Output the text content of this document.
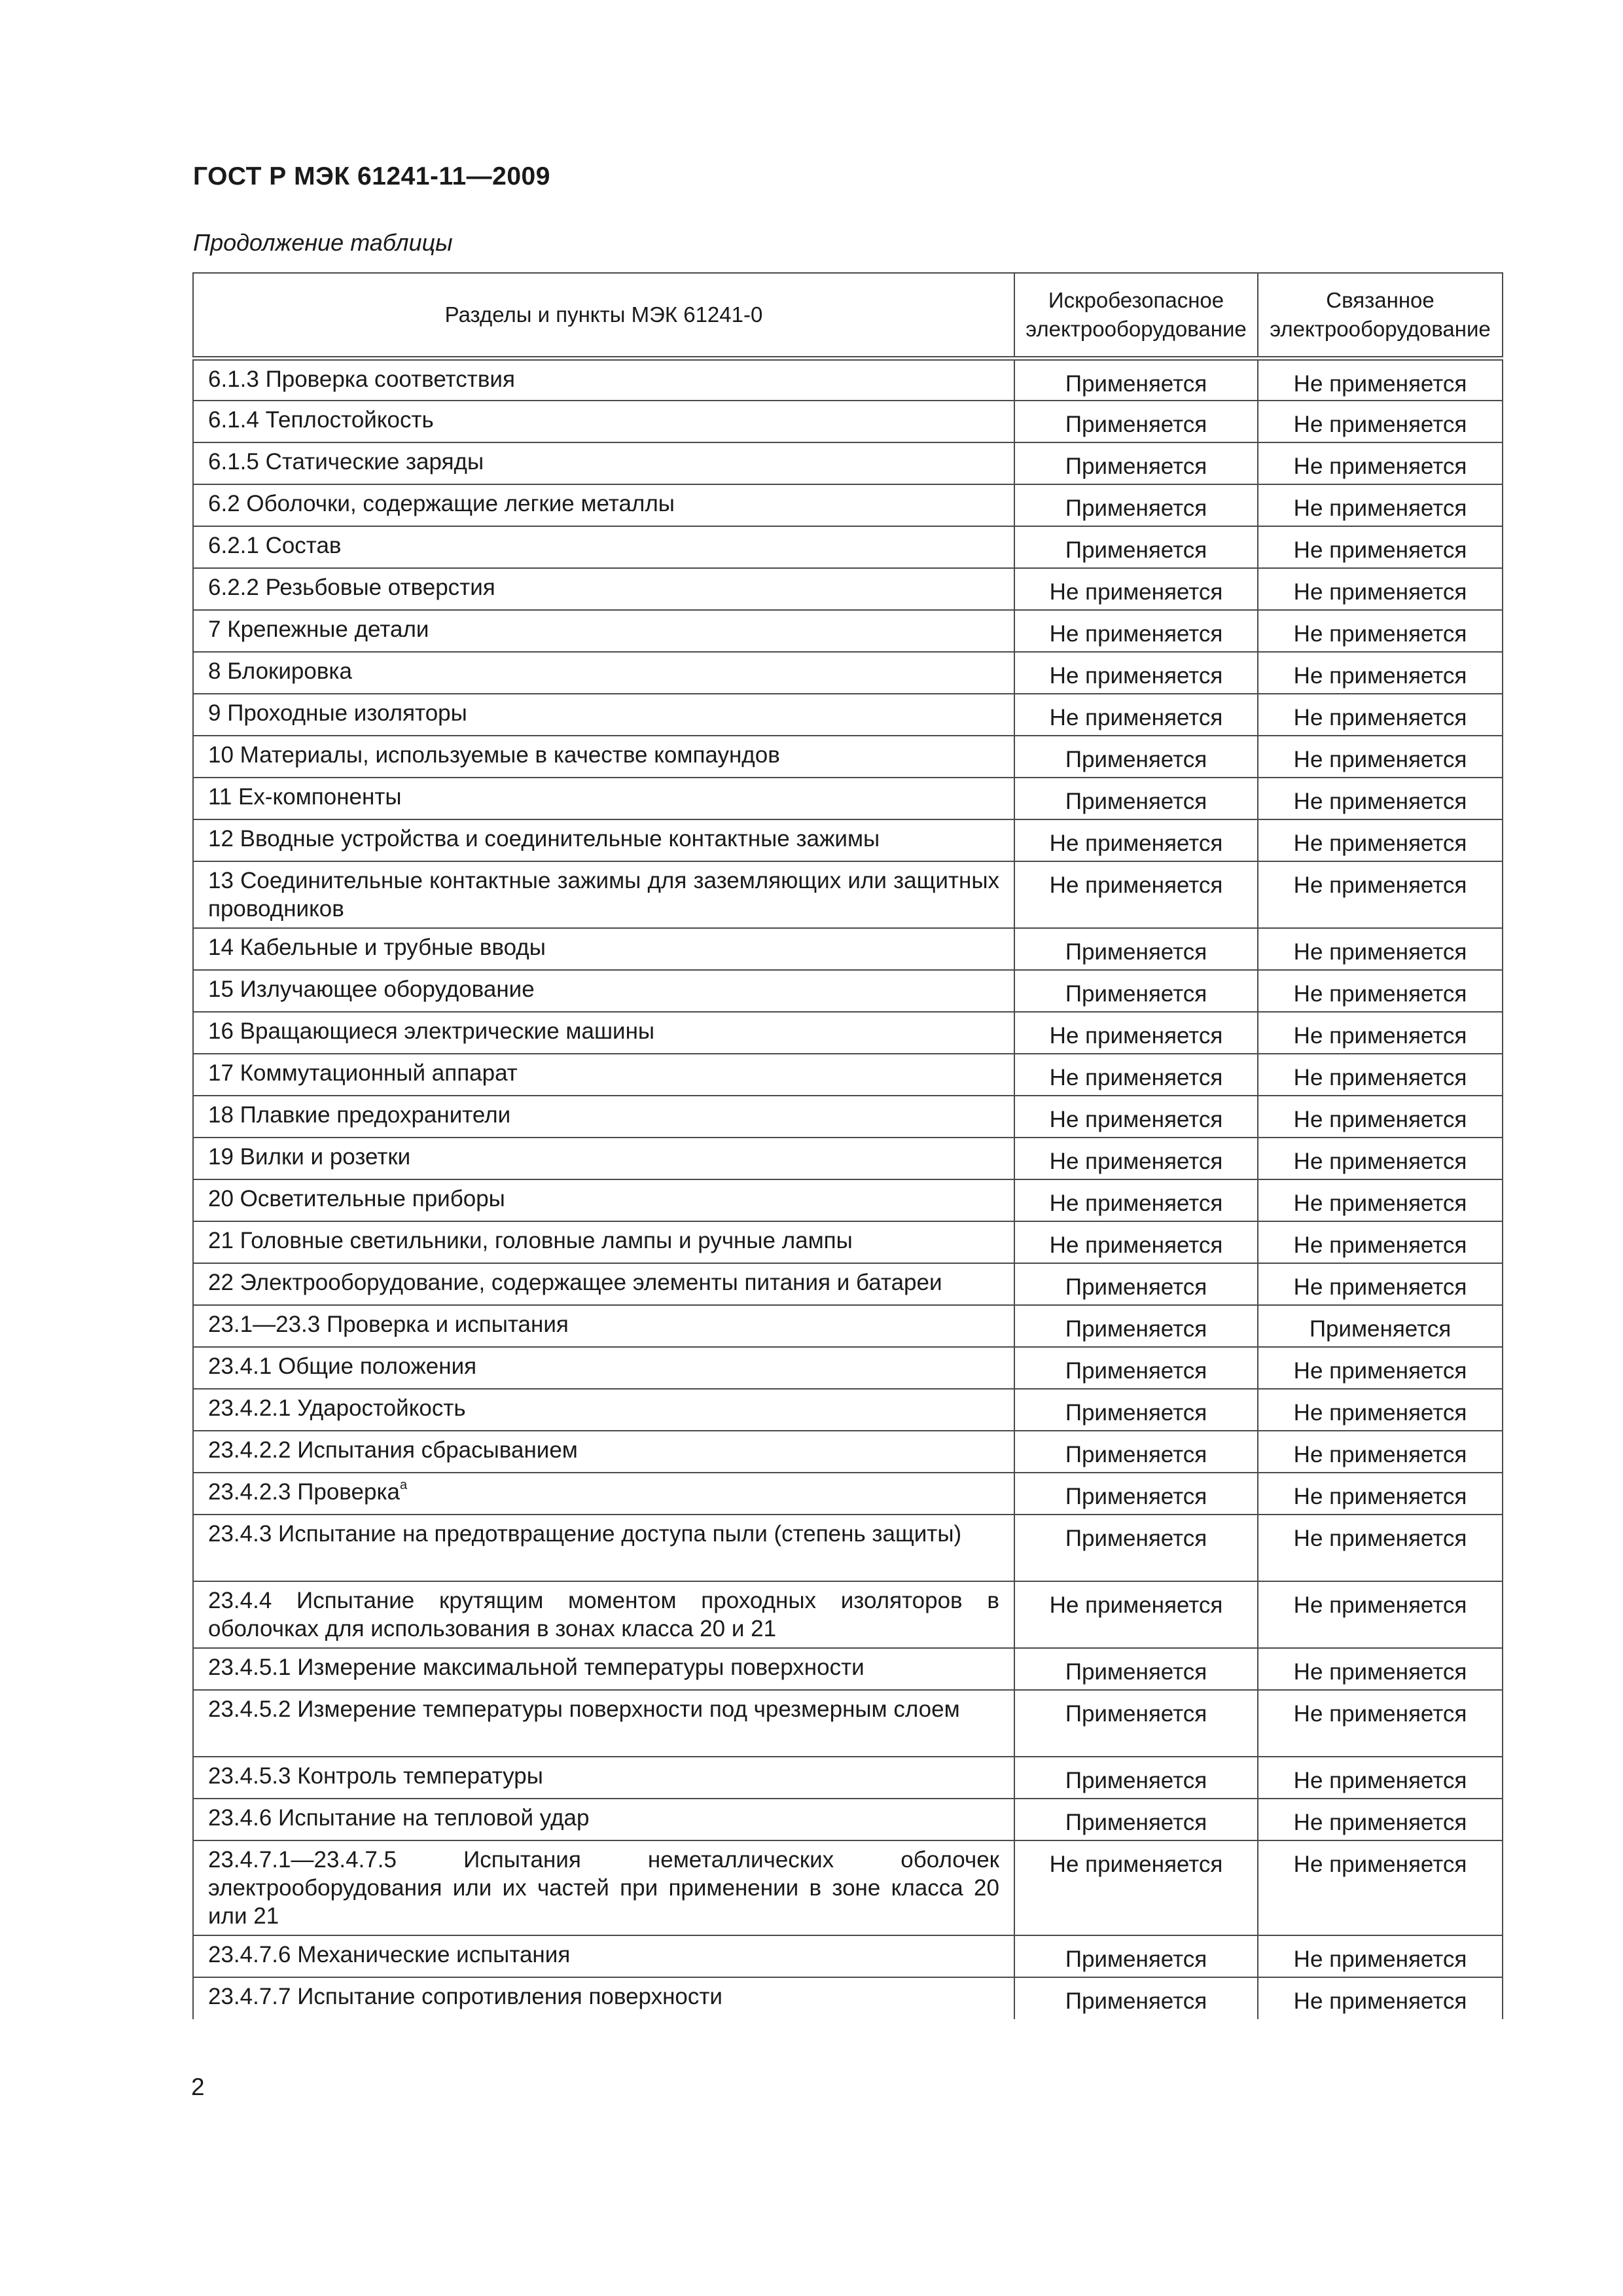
ГОСТ Р МЭК 61241-11—2009

Продолжение таблицы

Разделы и пункты МЭК 61241-0	Искробезопасное электрооборудование	Связанное электрооборудование
6.1.3 Проверка соответствия	Применяется	Не применяется
6.1.4 Теплостойкость	Применяется	Не применяется
6.1.5 Статические заряды	Применяется	Не применяется
6.2 Оболочки, содержащие легкие металлы	Применяется	Не применяется
6.2.1 Состав	Применяется	Не применяется
6.2.2 Резьбовые отверстия	Не применяется	Не применяется
7 Крепежные детали	Не применяется	Не применяется
8 Блокировка	Не применяется	Не применяется
9 Проходные изоляторы	Не применяется	Не применяется
10 Материалы, используемые в качестве компаундов	Применяется	Не применяется
11 Ex-компоненты	Применяется	Не применяется
12 Вводные устройства и соединительные контактные зажимы	Не применяется	Не применяется
13 Соединительные контактные зажимы для заземляющих или защитных проводников	Не применяется	Не применяется
14 Кабельные и трубные вводы	Применяется	Не применяется
15 Излучающее оборудование	Применяется	Не применяется
16 Вращающиеся электрические машины	Не применяется	Не применяется
17 Коммутационный аппарат	Не применяется	Не применяется
18 Плавкие предохранители	Не применяется	Не применяется
19 Вилки и розетки	Не применяется	Не применяется
20 Осветительные приборы	Не применяется	Не применяется
21 Головные светильники, головные лампы и ручные лампы	Не применяется	Не применяется
22 Электрооборудование, содержащее элементы питания и батареи	Применяется	Не применяется
23.1—23.3 Проверка и испытания	Применяется	Применяется
23.4.1 Общие положения	Применяется	Не применяется
23.4.2.1 Ударостойкость	Применяется	Не применяется
23.4.2.2 Испытания сбрасыванием	Применяется	Не применяется
23.4.2.3 Проверка$^a$	Применяется	Не применяется
23.4.3 Испытание на предотвращение доступа пыли (степень защиты)	Применяется	Не применяется
23.4.4 Испытание крутящим моментом проходных изоляторов в оболочках для использования в зонах класса 20 и 21	Не применяется	Не применяется
23.4.5.1 Измерение максимальной температуры поверхности	Применяется	Не применяется
23.4.5.2 Измерение температуры поверхности под чрезмерным слоем	Применяется	Не применяется
23.4.5.3 Контроль температуры	Применяется	Не применяется
23.4.6 Испытание на тепловой удар	Применяется	Не применяется
23.4.7.1—23.4.7.5 Испытания неметаллических оболочек электрооборудования или их частей при применении в зоне класса 20 или 21	Не применяется	Не применяется
23.4.7.6 Механические испытания	Применяется	Не применяется
23.4.7.7 Испытание сопротивления поверхности	Применяется	Не применяется

2
